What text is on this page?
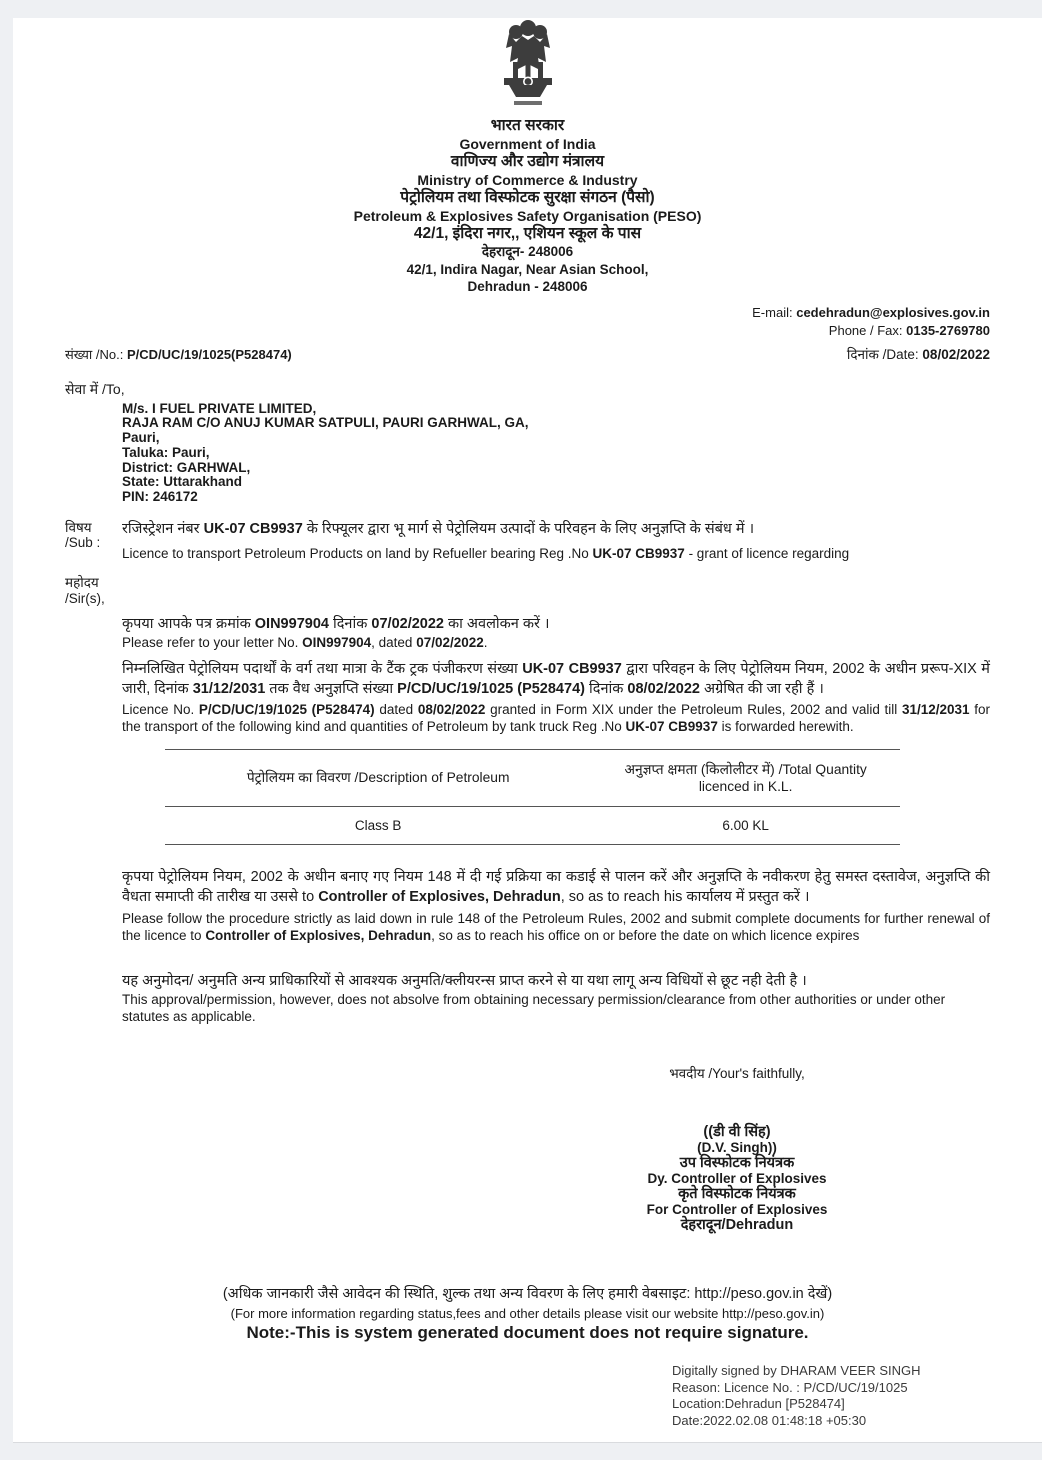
भारत सरकार
Government of India
वाणिज्य और उद्योग मंत्रालय
Ministry of Commerce & Industry
पेट्रोलियम तथा विस्फोटक सुरक्षा संगठन (पैसो)
Petroleum & Explosives Safety Organisation (PESO)
42/1, इंदिरा नगर,, एशियन स्कूल के पास
देहरादून- 248006
42/1, Indira Nagar, Near Asian School,
Dehradun - 248006
E-mail: cedehradun@explosives.gov.in
Phone / Fax: 0135-2769780
संख्या /No.: P/CD/UC/19/1025(P528474)	दिनांक /Date: 08/02/2022
सेवा में /To,
M/s. I FUEL PRIVATE LIMITED,
RAJA RAM C/O ANUJ KUMAR SATPULI, PAURI GARHWAL, GA,
Pauri,
Taluka: Pauri,
District: GARHWAL,
State: Uttarakhand
PIN: 246172
विषय /Sub :
रजिस्ट्रेशन नंबर UK-07 CB9937 के रिफ्यूलर द्वारा भू मार्ग से पेट्रोलियम उत्पादों के परिवहन के लिए अनुज्ञप्ति के संबंध में ।
Licence to transport Petroleum Products on land by Refueller bearing Reg .No UK-07 CB9937 - grant of licence regarding
महोदय /Sir(s),
कृपया आपके पत्र क्रमांक OIN997904 दिनांक 07/02/2022 का अवलोकन करें ।
Please refer to your letter No. OIN997904, dated 07/02/2022.
निम्नलिखित पेट्रोलियम पदार्थों के वर्ग तथा मात्रा के टैंक ट्रक पंजीकरण संख्या UK-07 CB9937 द्वारा परिवहन के लिए पेट्रोलियम नियम, 2002 के अधीन प्ररूप-XIX में जारी, दिनांक 31/12/2031 तक वैध अनुज्ञप्ति संख्या P/CD/UC/19/1025 (P528474) दिनांक 08/02/2022 अग्रेषित की जा रही हैं ।
Licence No. P/CD/UC/19/1025 (P528474) dated 08/02/2022 granted in Form XIX under the Petroleum Rules, 2002 and valid till 31/12/2031 for the transport of the following kind and quantities of Petroleum by tank truck Reg .No UK-07 CB9937 is forwarded herewith.
पेट्रोलियम का विवरण /Description of Petroleum	अनुज्ञप्त क्षमता (किलोलीटर में) /Total Quantity
licenced in K.L.

Class B	6.00 KL
कृपया पेट्रोलियम नियम, 2002 के अधीन बनाए गए नियम 148 में दी गई प्रक्रिया का कडाई से पालन करें और अनुज्ञप्ति के नवीकरण हेतु समस्त दस्तावेज, अनुज्ञप्ति की वैधता समाप्ती की तारीख या उससे to Controller of Explosives, Dehradun, so as to reach his कार्यालय में प्रस्तुत करें ।
Please follow the procedure strictly as laid down in rule 148 of the Petroleum Rules, 2002 and submit complete documents for further renewal of the licence to Controller of Explosives, Dehradun, so as to reach his office on or before the date on which licence expires
यह अनुमोदन/ अनुमति अन्य प्राधिकारियों से आवश्यक अनुमति/क्लीयरन्स प्राप्त करने से या यथा लागू अन्य विधियों से छूट नही देती है ।
This approval/permission, however, does not absolve from obtaining necessary permission/clearance from other authorities or under other statutes as applicable.
भवदीय /Your's faithfully,
((डी वी सिंह)
(D.V. Singh))
उप विस्फोटक नियंत्रक
Dy. Controller of Explosives
कृते विस्फोटक नियंत्रक
For Controller of Explosives
देहरादून/Dehradun
(अधिक जानकारी जैसे आवेदन की स्थिति, शुल्क तथा अन्य विवरण के लिए हमारी वेबसाइट: http://peso.gov.in देखें)
(For more information regarding status,fees and other details please visit our website http://peso.gov.in)
Note:-This is system generated document does not require signature.
Digitally signed by DHARAM VEER SINGH
Reason: Licence No. : P/CD/UC/19/1025
Location:Dehradun [P528474]
Date:2022.02.08 01:48:18 +05:30
